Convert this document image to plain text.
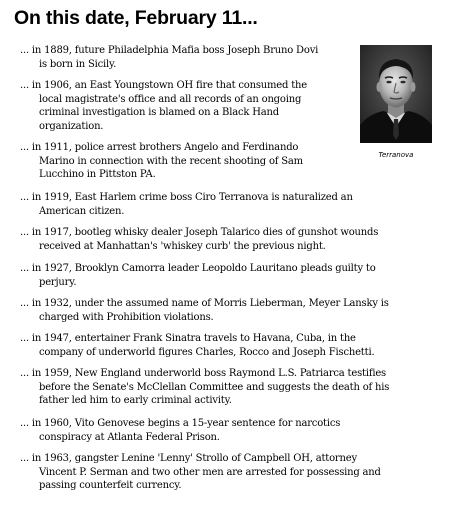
On this date, February 11...
... in 1889, future Philadelphia Mafia boss Joseph Bruno Dovi
is born in Sicily.
... in 1906, an East Youngstown OH fire that consumed the
local magistrate's office and all records of an ongoing
criminal investigation is blamed on a Black Hand
organization.
... in 1911, police arrest brothers Angelo and Ferdinando
Marino in connection with the recent shooting of Sam
Lucchino in Pittston PA.
... in 1919, East Harlem crime boss Ciro Terranova is naturalized an
American citizen.
... in 1917, bootleg whisky dealer Joseph Talarico dies of gunshot wounds
received at Manhattan's 'whiskey curb' the previous night.
... in 1927, Brooklyn Camorra leader Leopoldo Lauritano pleads guilty to
perjury.
... in 1932, under the assumed name of Morris Lieberman, Meyer Lansky is
charged with Prohibition violations.
... in 1947, entertainer Frank Sinatra travels to Havana, Cuba, in the
company of underworld figures Charles, Rocco and Joseph Fischetti.
... in 1959, New England underworld boss Raymond L.S. Patriarca testifies
before the Senate's McClellan Committee and suggests the death of his
father led him to early criminal activity.
... in 1960, Vito Genovese begins a 15-year sentence for narcotics
conspiracy at Atlanta Federal Prison.
... in 1963, gangster Lenine 'Lenny' Strollo of Campbell OH, attorney
Vincent P. Serman and two other men are arrested for possessing and
passing counterfeit currency.
Terranova
